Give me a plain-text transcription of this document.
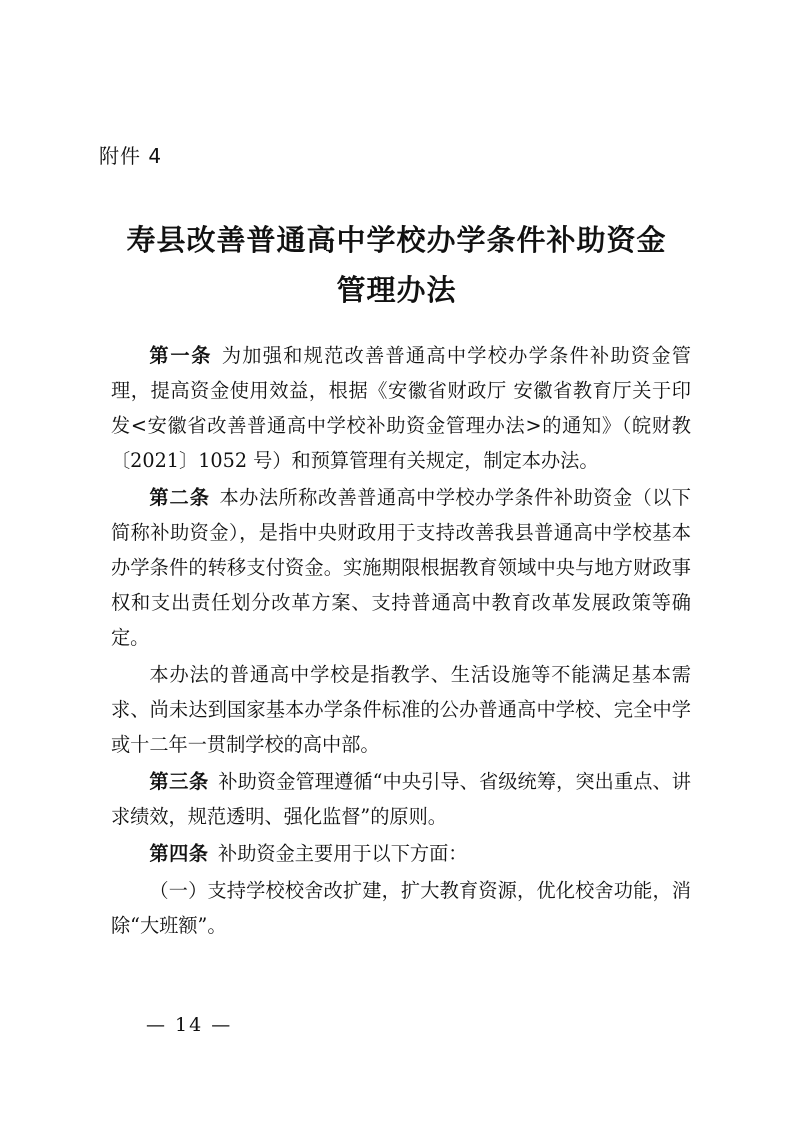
附件 4
寿县改善普通高中学校办学条件补助资金
管理办法

第一条 为加强和规范改善普通高中学校办学条件补助资金管理，提高资金使用效益，根据《安徽省财政厅 安徽省教育厅关于印发<安徽省改善普通高中学校补助资金管理办法>的通知》（皖财教〔2021〕1052 号）和预算管理有关规定，制定本办法。

第二条 本办法所称改善普通高中学校办学条件补助资金（以下简称补助资金），是指中央财政用于支持改善我县普通高中学校基本办学条件的转移支付资金。实施期限根据教育领域中央与地方财政事权和支出责任划分改革方案、支持普通高中教育改革发展政策等确定。

本办法的普通高中学校是指教学、生活设施等不能满足基本需求、尚未达到国家基本办学条件标准的公办普通高中学校、完全中学或十二年一贯制学校的高中部。

第三条 补助资金管理遵循“中央引导、省级统筹，突出重点、讲求绩效，规范透明、强化监督”的原则。

第四条 补助资金主要用于以下方面：

（一）支持学校校舍改扩建，扩大教育资源，优化校舍功能，消除“大班额”。

— 14 —
